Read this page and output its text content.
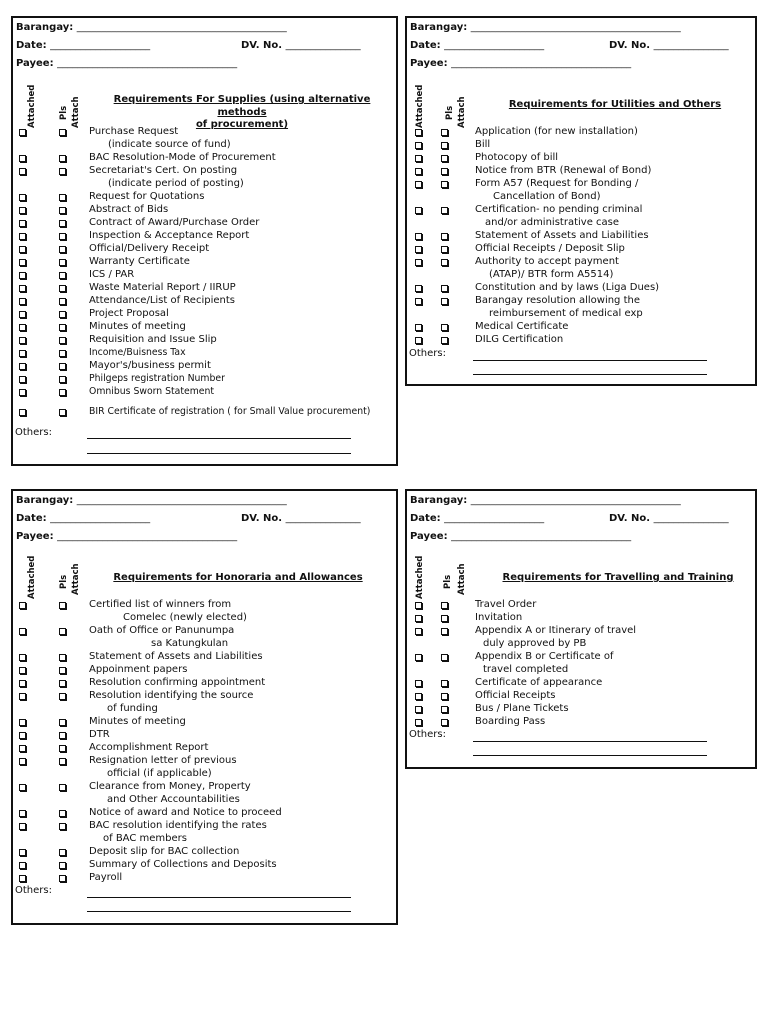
Barangay: __________________________________________
Date: ____________________	DV. No. _______________
Payee: ____________________________________
Attached	Pls Attach	Requirements For Supplies (using alternative methods
of procurement)
Purchase Request
(indicate source of fund)
BAC Resolution-Mode of Procurement
Secretariat's Cert. On posting
(indicate period of posting)
Request for Quotations
Abstract of Bids
Contract of Award/Purchase Order
Inspection & Acceptance Report
Official/Delivery Receipt
Warranty Certificate
ICS / PAR
Waste Material Report / IIRUP
Attendance/List of Recipients
Project Proposal
Minutes of meeting
Requisition and Issue Slip
Income/Buisness Tax
Mayor's/business permit
Philgeps registration Number
Omnibus Sworn Statement
BIR Certificate of registration ( for Small Value procurement)
Others:
Barangay: __________________________________________
Date: ____________________	DV. No. _______________
Payee: ____________________________________
Attached Pls Attach	Requirements for Utilities and Others
Application (for new installation)
Bill
Photocopy of bill
Notice from BTR (Renewal of Bond)
Form A57 (Request for Bonding /
Cancellation of Bond)
Certification- no pending criminal
and/or administrative case
Statement of Assets and Liabilities
Official Receipts / Deposit Slip
Authority to accept payment
(ATAP)/ BTR form A5514)
Constitution and by laws (Liga Dues)
Barangay resolution allowing the
reimbursement of medical exp
Medical Certificate
DILG Certification
Others:
Barangay: __________________________________________
Date: ____________________	DV. No. _______________
Payee: ____________________________________
Attached	Pls Attach	Requirements for Honoraria and Allowances
Certified list of winners from
Comelec (newly elected)
Oath of Office or Panunumpa
sa Katungkulan
Statement of Assets and Liabilities
Appoinment papers
Resolution confirming appointment
Resolution identifying the source
of funding
Minutes of meeting
DTR
Accomplishment Report
Resignation letter of previous
official (if applicable)
Clearance from Money, Property
and Other Accountabilities
Notice of award and Notice to proceed
BAC resolution identifying the rates
of BAC members
Deposit slip for BAC collection
Summary of Collections and Deposits
Payroll
Others:
Barangay: __________________________________________
Date: ____________________	DV. No. _______________
Payee: ____________________________________
Attached Pls Attach	Requirements for Travelling and Training
Travel Order
Invitation
Appendix A or Itinerary of travel
duly approved by PB
Appendix B or Certificate of
travel completed
Certificate of appearance
Official Receipts
Bus / Plane Tickets
Boarding Pass
Others:
